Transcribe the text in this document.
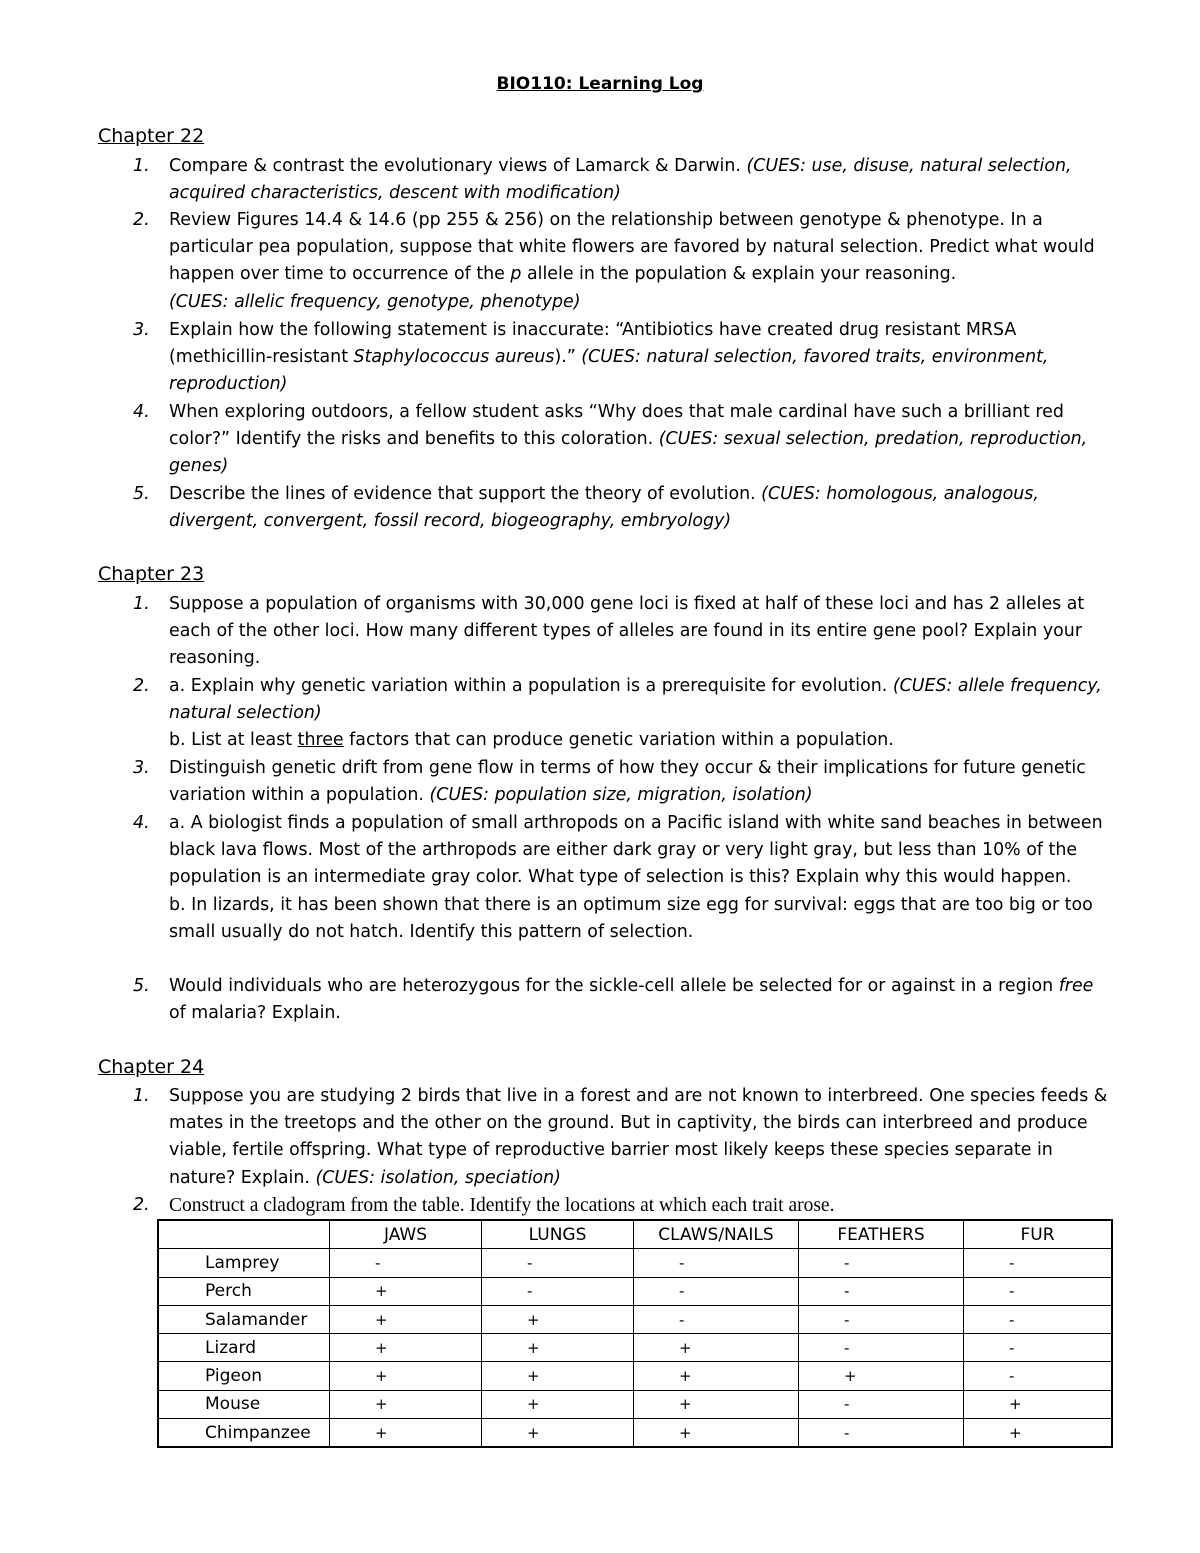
BIO110: Learning Log
Chapter 22
1. Compare & contrast the evolutionary views of Lamarck & Darwin. (CUES: use, disuse, natural selection, acquired characteristics, descent with modification)
2. Review Figures 14.4 & 14.6 (pp 255 & 256) on the relationship between genotype & phenotype. In a particular pea population, suppose that white flowers are favored by natural selection. Predict what would happen over time to occurrence of the p allele in the population & explain your reasoning.
(CUES: allelic frequency, genotype, phenotype)
3. Explain how the following statement is inaccurate: “Antibiotics have created drug resistant MRSA (methicillin-resistant Staphylococcus aureus).” (CUES: natural selection, favored traits, environment, reproduction)
4. When exploring outdoors, a fellow student asks “Why does that male cardinal have such a brilliant red color?” Identify the risks and benefits to this coloration. (CUES: sexual selection, predation, reproduction, genes)
5. Describe the lines of evidence that support the theory of evolution. (CUES: homologous, analogous, divergent, convergent, fossil record, biogeography, embryology)
Chapter 23
1. Suppose a population of organisms with 30,000 gene loci is fixed at half of these loci and has 2 alleles at each of the other loci. How many different types of alleles are found in its entire gene pool? Explain your reasoning.
2. a. Explain why genetic variation within a population is a prerequisite for evolution. (CUES: allele frequency, natural selection)
b. List at least three factors that can produce genetic variation within a population.
3. Distinguish genetic drift from gene flow in terms of how they occur & their implications for future genetic variation within a population. (CUES: population size, migration, isolation)
4. a. A biologist finds a population of small arthropods on a Pacific island with white sand beaches in between black lava flows. Most of the arthropods are either dark gray or very light gray, but less than 10% of the population is an intermediate gray color. What type of selection is this? Explain why this would happen.
b. In lizards, it has been shown that there is an optimum size egg for survival: eggs that are too big or too small usually do not hatch. Identify this pattern of selection.
5. Would individuals who are heterozygous for the sickle-cell allele be selected for or against in a region free of malaria? Explain.
Chapter 24
1. Suppose you are studying 2 birds that live in a forest and are not known to interbreed. One species feeds & mates in the treetops and the other on the ground. But in captivity, the birds can interbreed and produce viable, fertile offspring. What type of reproductive barrier most likely keeps these species separate in nature? Explain. (CUES: isolation, speciation)
2. Construct a cladogram from the table. Identify the locations at which each trait arose.
	JAWS	LUNGS	CLAWS/NAILS	FEATHERS	FUR
Lamprey	-	-	-	-	-
Perch	+	-	-	-	-
Salamander	+	+	-	-	-
Lizard	+	+	+	-	-
Pigeon	+	+	+	+	-
Mouse	+	+	+	-	+
Chimpanzee	+	+	+	-	+
